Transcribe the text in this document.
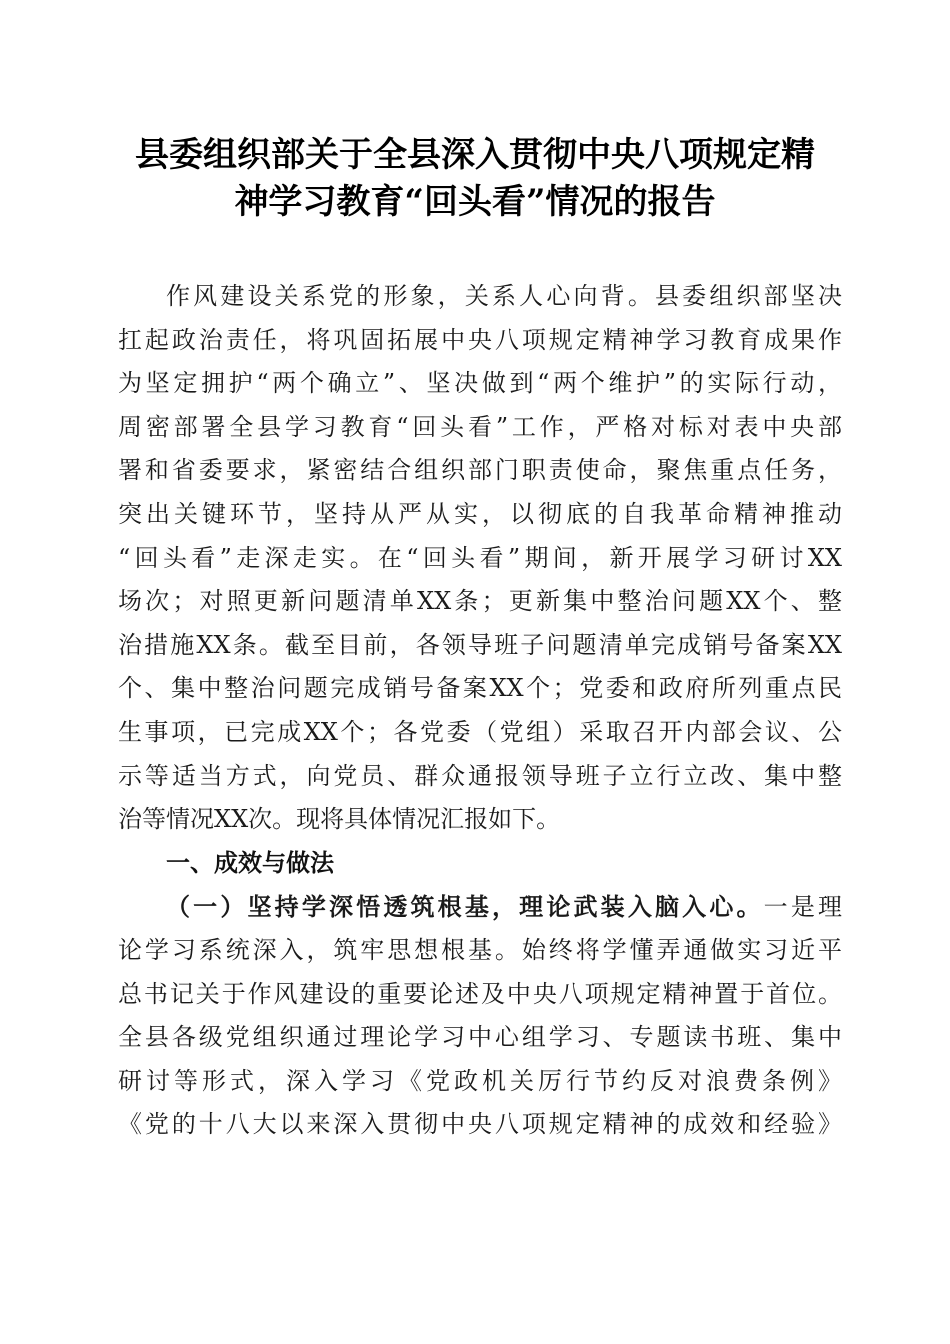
县委组织部关于全县深入贯彻中央八项规定精
神学习教育“回头看”情况的报告
作风建设关系党的形象，关系人心向背。县委组织部坚决
扛起政治责任，将巩固拓展中央八项规定精神学习教育成果作
为坚定拥护“两个确立”、坚决做到“两个维护”的实际行动，
周密部署全县学习教育“回头看”工作，严格对标对表中央部
署和省委要求，紧密结合组织部门职责使命，聚焦重点任务，
突出关键环节，坚持从严从实，以彻底的自我革命精神推动
“回头看”走深走实。在“回头看”期间，新开展学习研讨XX
场次；对照更新问题清单XX条；更新集中整治问题XX个、整
治措施XX条。截至目前，各领导班子问题清单完成销号备案XX
个、集中整治问题完成销号备案XX个；党委和政府所列重点民
生事项，已完成XX个；各党委（党组）采取召开内部会议、公
示等适当方式，向党员、群众通报领导班子立行立改、集中整
治等情况XX次。现将具体情况汇报如下。
一、成效与做法
（一）坚持学深悟透筑根基，理论武装入脑入心。一是理
论学习系统深入，筑牢思想根基。始终将学懂弄通做实习近平
总书记关于作风建设的重要论述及中央八项规定精神置于首位。
全县各级党组织通过理论学习中心组学习、专题读书班、集中
研讨等形式，深入学习《党政机关厉行节约反对浪费条例》
《党的十八大以来深入贯彻中央八项规定精神的成效和经验》
